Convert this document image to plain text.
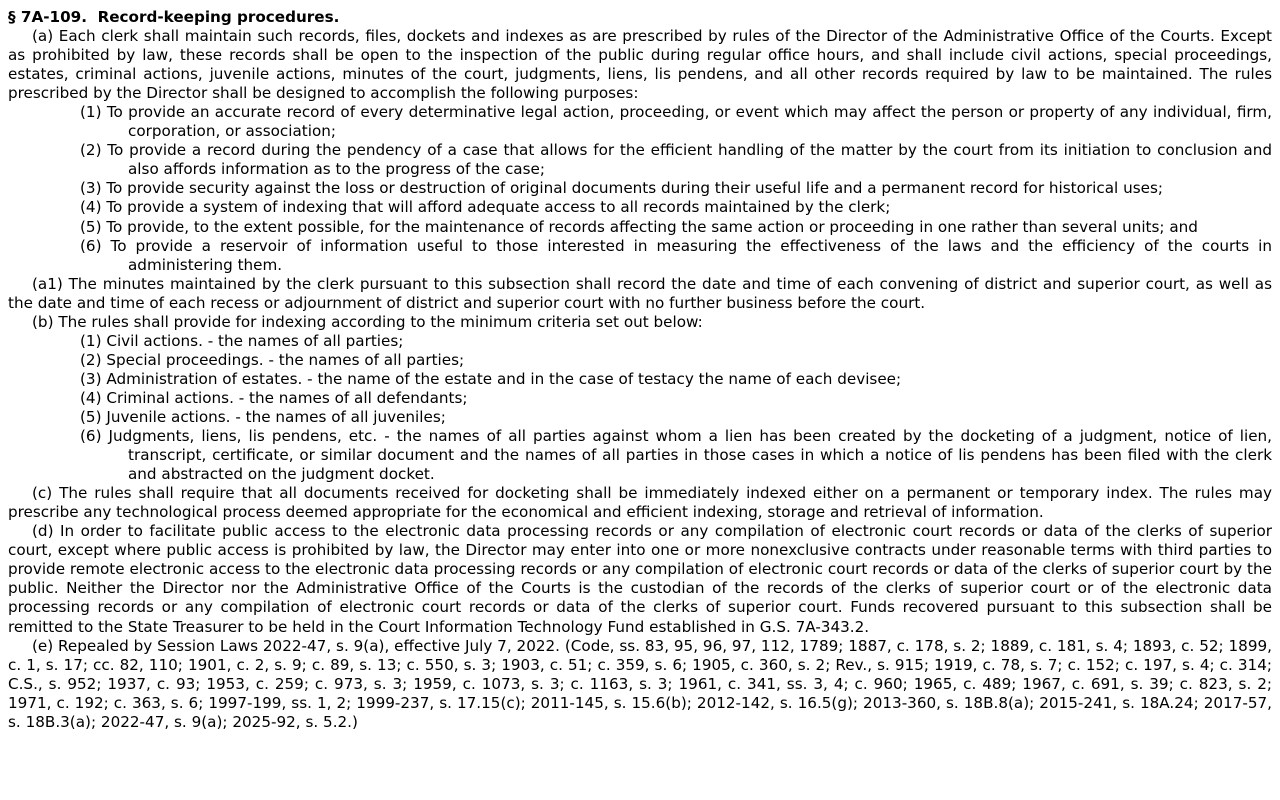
§ 7A-109. Record-keeping procedures.
(a) Each clerk shall maintain such records, files, dockets and indexes as are prescribed by rules of the Director of the Administrative Office of the Courts. Except as prohibited by law, these records shall be open to the inspection of the public during regular office hours, and shall include civil actions, special proceedings, estates, criminal actions, juvenile actions, minutes of the court, judgments, liens, lis pendens, and all other records required by law to be maintained. The rules prescribed by the Director shall be designed to accomplish the following purposes:
(1) To provide an accurate record of every determinative legal action, proceeding, or event which may affect the person or property of any individual, firm, corporation, or association;
(2) To provide a record during the pendency of a case that allows for the efficient handling of the matter by the court from its initiation to conclusion and also affords information as to the progress of the case;
(3) To provide security against the loss or destruction of original documents during their useful life and a permanent record for historical uses;
(4) To provide a system of indexing that will afford adequate access to all records maintained by the clerk;
(5) To provide, to the extent possible, for the maintenance of records affecting the same action or proceeding in one rather than several units; and
(6) To provide a reservoir of information useful to those interested in measuring the effectiveness of the laws and the efficiency of the courts in administering them.
(a1) The minutes maintained by the clerk pursuant to this subsection shall record the date and time of each convening of district and superior court, as well as the date and time of each recess or adjournment of district and superior court with no further business before the court.
(b) The rules shall provide for indexing according to the minimum criteria set out below:
(1) Civil actions. - the names of all parties;
(2) Special proceedings. - the names of all parties;
(3) Administration of estates. - the name of the estate and in the case of testacy the name of each devisee;
(4) Criminal actions. - the names of all defendants;
(5) Juvenile actions. - the names of all juveniles;
(6) Judgments, liens, lis pendens, etc. - the names of all parties against whom a lien has been created by the docketing of a judgment, notice of lien, transcript, certificate, or similar document and the names of all parties in those cases in which a notice of lis pendens has been filed with the clerk and abstracted on the judgment docket.
(c) The rules shall require that all documents received for docketing shall be immediately indexed either on a permanent or temporary index. The rules may prescribe any technological process deemed appropriate for the economical and efficient indexing, storage and retrieval of information.
(d) In order to facilitate public access to the electronic data processing records or any compilation of electronic court records or data of the clerks of superior court, except where public access is prohibited by law, the Director may enter into one or more nonexclusive contracts under reasonable terms with third parties to provide remote electronic access to the electronic data processing records or any compilation of electronic court records or data of the clerks of superior court by the public. Neither the Director nor the Administrative Office of the Courts is the custodian of the records of the clerks of superior court or of the electronic data processing records or any compilation of electronic court records or data of the clerks of superior court. Funds recovered pursuant to this subsection shall be remitted to the State Treasurer to be held in the Court Information Technology Fund established in G.S. 7A-343.2.
(e) Repealed by Session Laws 2022-47, s. 9(a), effective July 7, 2022. (Code, ss. 83, 95, 96, 97, 112, 1789; 1887, c. 178, s. 2; 1889, c. 181, s. 4; 1893, c. 52; 1899, c. 1, s. 17; cc. 82, 110; 1901, c. 2, s. 9; c. 89, s. 13; c. 550, s. 3; 1903, c. 51; c. 359, s. 6; 1905, c. 360, s. 2; Rev., s. 915; 1919, c. 78, s. 7; c. 152; c. 197, s. 4; c. 314; C.S., s. 952; 1937, c. 93; 1953, c. 259; c. 973, s. 3; 1959, c. 1073, s. 3; c. 1163, s. 3; 1961, c. 341, ss. 3, 4; c. 960; 1965, c. 489; 1967, c. 691, s. 39; c. 823, s. 2; 1971, c. 192; c. 363, s. 6; 1997-199, ss. 1, 2; 1999-237, s. 17.15(c); 2011-145, s. 15.6(b); 2012-142, s. 16.5(g); 2013-360, s. 18B.8(a); 2015-241, s. 18A.24; 2017-57, s. 18B.3(a); 2022-47, s. 9(a); 2025-92, s. 5.2.)
